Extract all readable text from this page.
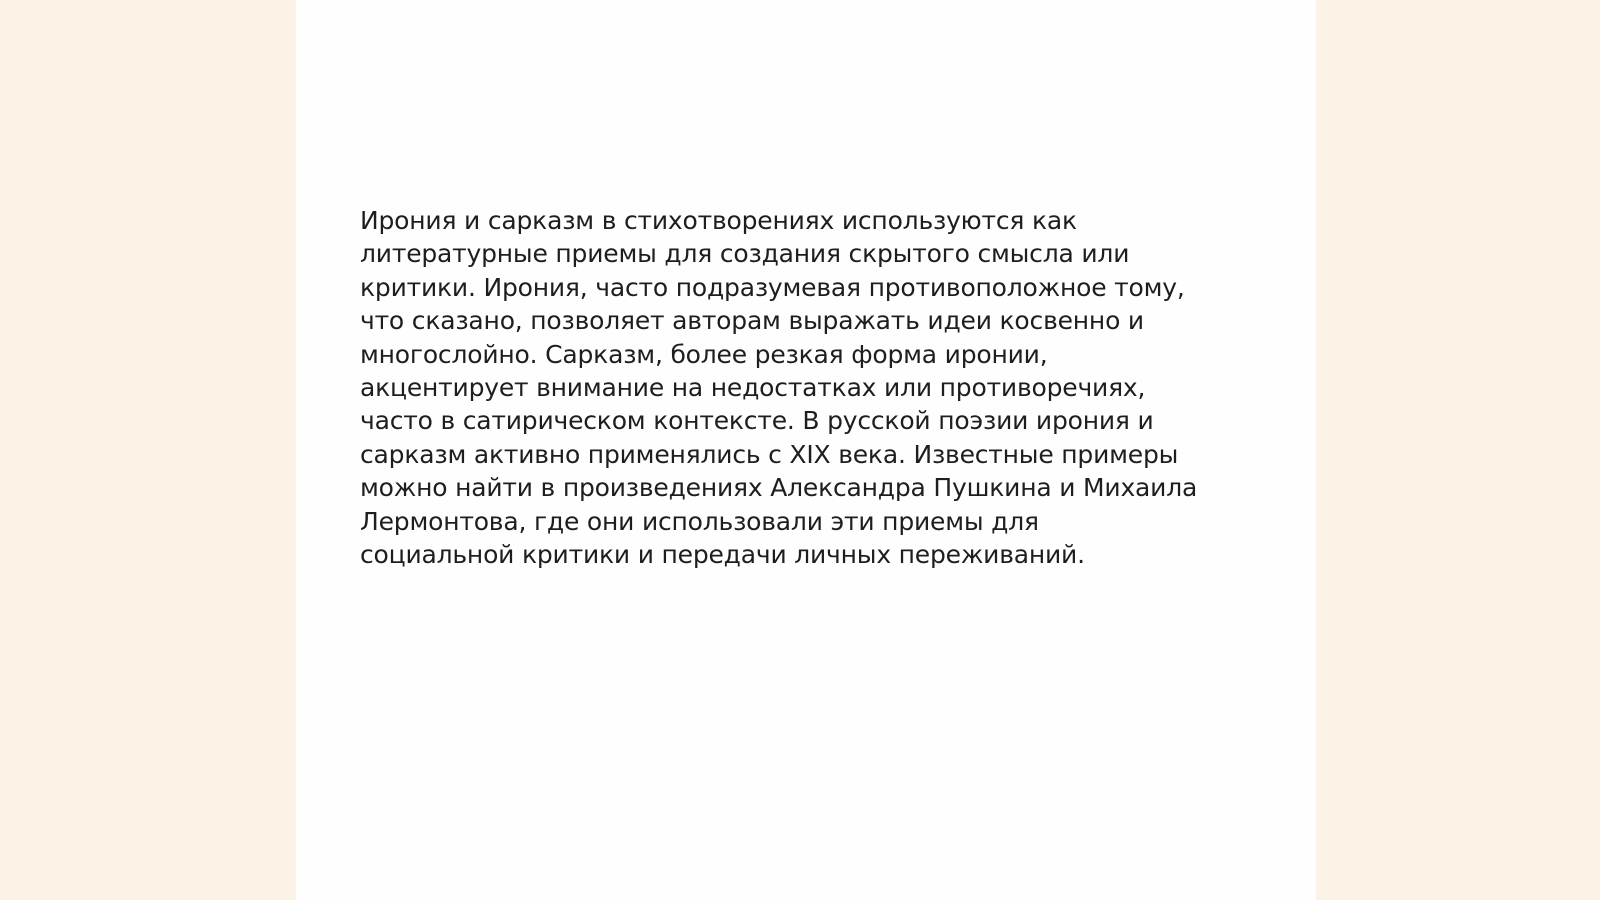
Ирония и сарказм в стихотворениях используются как
литературные приемы для создания скрытого смысла или
критики. Ирония, часто подразумевая противоположное тому,
что сказано, позволяет авторам выражать идеи косвенно и
многослойно. Сарказм, более резкая форма иронии,
акцентирует внимание на недостатках или противоречиях,
часто в сатирическом контексте. В русской поэзии ирония и
сарказм активно применялись с XIX века. Известные примеры
можно найти в произведениях Александра Пушкина и Михаила
Лермонтова, где они использовали эти приемы для
социальной критики и передачи личных переживаний.
